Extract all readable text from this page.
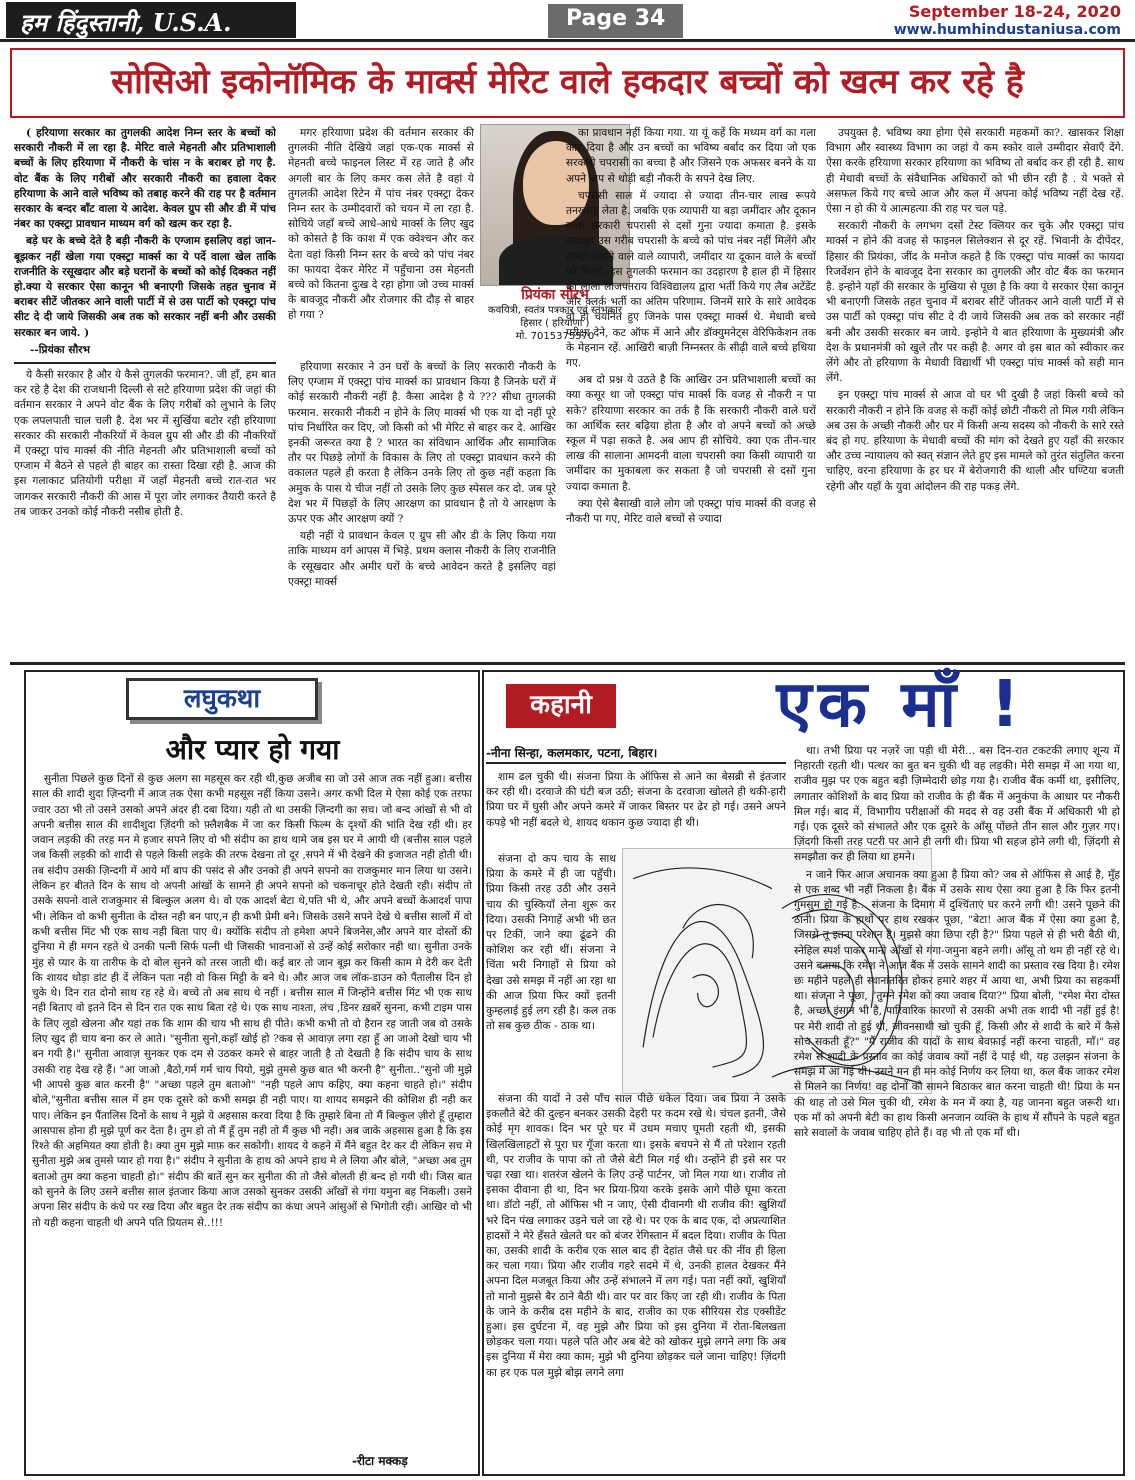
हम हिंदुस्तानी, U.S.A.	Page 34	September 18-24, 2020
www.humhindustaniusa.com
सोसिओ इकोनॉमिक के मार्क्स मेरिट वाले हकदार बच्चों को खत्म कर रहे है

( हरियाणा सरकार का तुगलकी आदेश निम्न स्तर के बच्चों को सरकारी नौकरी में ला रहा है. मेरिट वाले मेहनती और प्रतिभाशाली बच्चों के लिए हरियाणा में नौकरी के चांस न के बराबर हो गए है. वोट बैंक के लिए गरीबों और सरकारी नौकरी का हवाला देकर हरियाणा के आने वाले भविष्य को तबाह करने की राह पर है वर्तमान सरकार के बन्दर बाँट वाला ये आदेश. केवल ग्रुप सी और डी में पांच नंबर का एक्स्ट्रा प्रावधान माध्यम वर्ग को खत्म कर रहा है.

बड़े घर के बच्चे देते है बड़ी नौकरी के एग्जाम इसलिए वहां जान-बूझकर नहीं खेला गया एक्स्ट्रा मार्क्स का ये पर्दे वाला खेल ताकि राजनीति के रसूखदार और बड़े घरानों के बच्चों को कोई दिक्कत नहीं हो.क्या ये सरकार ऐसा कानून भी बनाएगी जिसके तहत चुनाव में बराबर सीटें जीतकर आने वाली पार्टी में से उस पार्टी को एक्स्ट्रा पांच सीट दे दी जाये जिसकी अब तक को सरकार नहीं बनी और उसकी सरकार बन जाये. )

--प्रियंका सौरभ

ये कैसी सरकार है और ये कैसे तुगलकी फरमान?. जी हाँ, हम बात कर रहे है देश की राजधानी दिल्ली से सटे हरियाणा प्रदेश की जहां की वर्तमान सरकार ने अपने वोट बैंक के लिए गरीबों को लुभाने के लिए एक लपलपाती चाल चली है. देश भर में सुर्खिया बटोर रही हरियाणा सरकार की सरकारी नौकरियों में केवल ग्रुप सी और डी की नौकरियों में एक्स्ट्रा पांच मार्क्स की नीति मेहनती और प्रतिभाशाली बच्चों को एग्जाम में बैठने से पहले ही बाहर का रास्ता दिखा रही है. आज की इस गलाकाट प्रतियोगी परीक्षा में जहाँ मेहनती बच्चे रात-रात भर जागकर सरकारी नौकरी की आस में पूरा जोर लगाकर तैयारी करते है तब जाकर उनको कोई नौकरी नसीब होती है.

मगर हरियाणा प्रदेश की वर्तमान सरकार की तुगलकी नीति देखिये जहां एक-एक मार्क्स से मेहनती बच्चे फाइनल लिस्ट में रह जाते है और अगली बार के लिए कमर कस लेते है वहां ये तुगलकी आदेश रिटेन में पांच नंबर एक्स्ट्रा देकर निम्न स्तर के उम्मीदवारों को चयन में ला रहा है. सोचिये जहाँ बच्चे आधे-आधे मार्क्स के लिए खुद को कोसते है कि काश में एक क्वेश्चन और कर देता वहां किसी निम्न स्तर के बच्चे को पांच नंबर का फायदा देकर मेरिट में पहुँचाना उस मेहनती बच्चे को कितना दुःख दे रहा होगा जो उच्च मार्क्स के बावजूद नौकरी और रोजगार की दौड़ से बाहर हो गया ?

हरियाणा सरकार ने उन घरों के बच्चों के लिए सरकारी नौकरी के लिए एग्जाम में एक्स्ट्रा पांच मार्क्स का प्रावधान किया है जिनके घरों में कोई सरकारी नौकरी नहीं है. कैसा आदेश है ये ??? सीधा तुगलकी फरमान. सरकारी नौकरी न होने के लिए मार्क्स भी एक या दो नहीं पूरे पांच निर्धारित कर दिए, जो किसी को भी मेरिट से बाहर कर दे. आखिर इनकी जरूरत क्या है ? भारत का संविधान आर्थिक और सामाजिक तौर पर पिछड़े लोगों के विकास के लिए तो एक्स्ट्रा प्रावधान करने की वकालत पहले ही करता है लेकिन उनके लिए तो कुछ नहीं कहता कि अमुक के पास ये चीज नहीं तो उसके लिए कुछ स्पेसल कर दो. जब पूरे देश भर में पिछड़ों के लिए आरक्षण का प्रावधान है तो ये आरक्षण के ऊपर एक और आरक्षण क्यों ?

यही नहीं ये प्रावधान केवल ए ग्रुप सी और डी के लिए किया गया ताकि माध्यम वर्ग आपस में भिड़े. प्रथम क्लास नौकरी के लिए राजनीति के रसूखदार और अमीर घरों के बच्चे आवेदन करते है इसलिए वहां एक्स्ट्रा मार्क्स

प्रियंका सौरभ
कवयित्री, स्वतंत्र पत्रकार एवं स्तंभकार
हिसार ( हरियाणा )
मो. 7015375570

का प्रावधान नहीं किया गया. या यूं कहें कि मध्यम वर्ग का गला काट दिया है और उन बच्चों का भविष्य बर्बाद कर दिया जो एक सरकारी चपरासी का बच्चा है और जिसने एक अफसर बनने के या अपने बाप से थोड़ी बड़ी नौकरी के सपने देख लिए.

चपरासी साल में ज्यादा से ज्यादा तीन-चार लाख रूपये तनख्वाह लेता है. जबकि एक व्यापारी या बड़ा जमींदार और दूकान वाला सरकारी चपरासी से दसों गुना ज्यादा कमाता है. इसके बावजूद उस गरीब चपरासी के बच्चे को पांच नंबर नहीं मिलेंगे और लाखों कमाने वाले वाले व्यापारी, जमींदार या दूकान वाले के बच्चों को मिलेंगे. इस तुगलकी फरमान का उदहारण है हाल ही में हिसार की लाला लाजपतराय विश्विद्यालय द्वारा भर्ती किये गए लैब अटेंडेंट और क्लर्क भर्ती का अंतिम परिणाम. जिनमें सारे के सारे आवेदक वो ही चयनित हुए जिनके पास एक्स्ट्रा मार्क्स थे. मेधावी बच्चे परीक्षा देने, कट ऑफ में आने और डॉक्युमनेट्स वेरिफिकेशन तक के मेहनान रहें. आखिरी बाज़ी निम्नस्तर के सीढ़ी वाले बच्चे हथिया गए.

अब दो प्रश्न ये उठते है कि आखिर उन प्रतिभाशाली बच्चों का क्या कसूर था जो एक्स्ट्रा पांच मार्क्स कि वजह से नौकरी न पा सके? हरियाणा सरकार का तर्क है कि सरकारी नौकरी वाले घरों का आर्थिक स्तर बढ़िया होता है और वो अपने बच्चों को अच्छे स्कूल में पढ़ा सकते है. अब आप ही सोचिये. क्या एक तीन-चार लाख की सालाना आमदनी वाला चपरासी क्या किसी व्यापारी या जमींदार का मुकाबला कर सकता है जो चपरासी से दसों गुना ज्यादा कमाता है.

क्या ऐसे बैसाखी वाले लोग जो एक्स्ट्रा पांच मार्क्स की वजह से नौकरी पा गए, मेरिट वाले बच्चों से ज्यादा

उपयुक्त है. भविष्य क्या होगा ऐसे सरकारी महकमों का?. खासकर शिक्षा विभाग और स्वास्थ्य विभाग का जहां ये कम स्कोर वाले उम्मीदार सेवाएँ देंगे. ऐसा करके हरियाणा सरकार हरियाणा का भविष्य तो बर्बाद कर ही रही है. साथ ही मेधावी बच्चों के संवैधानिक अधिकारों को भी छीन रही है . ये भक्ते से असफल किये गए बच्चे आज और कल में अपना कोई भविष्य नहीं देख रहें. ऐसा न हो की ये आत्महत्या की राह पर चल पड़े.

सरकारी नौकरी के लगभग दसों टेस्ट क्लियर कर चुके और एक्स्ट्रा पांच मार्क्स न होने की वजह से फाइनल सिलेक्शन से दूर रहें. भिवानी के दीपेंदर, हिसार की प्रियंका, जींद के मनोज कहते है कि एक्स्ट्रा पांच मार्क्स का फायदा रिजर्वेशन होने के बावजूद देना सरकार का तुगलकी और वोट बैंक का फरमान है. इन्होने यहाँ की सरकार के मुखिया से पूछा है कि क्या ये सरकार ऐसा कानून भी बनाएगी जिसके तहत चुनाव में बराबर सीटें जीतकर आने वाली पार्टी में से उस पार्टी को एक्स्ट्रा पांच सीट दे दी जाये जिसकी अब तक को सरकार नहीं बनी और उसकी सरकार बन जाये. इन्होने ये बात हरियाणा के मुख्यमंत्री और देश के प्रधानमंत्री को खुले तौर पर कही है. अगर वो इस बात को स्वीकार कर लेंगे और तो हरियाणा के मेधावी विद्यार्थी भी एक्स्ट्रा पांच मार्क्स को सही मान लेंगे.

इन एक्स्ट्रा पांच मार्क्स से आज वो घर भी दुखी है जहां किसी बच्चे को सरकारी नौकरी न होने कि वजह से कहीं कोई छोटी नौकरी तो मिल गयी लेकिन अब उस के अच्छी नौकरी और घर में किसी अन्य सदस्य को नौकरी के सारे रस्ते बंद हो गए. हरियाणा के मेधावी बच्चों की मांग को देखते हुए यहाँ की सरकार और उच्च न्यायालय को स्वत् संज्ञान लेते हुए इस मामले को तुरंत संतुलित करना चाहिए, वरना हरियाणा के हर घर में बेरोजगारी की थाली और घण्टिया बजती रहेगी और यहाँ के युवा आंदोलन की राह पकड़ लेंगे.

लघुकथा
और प्यार हो गया

सुनीता पिछले कुछ दिनों से कुछ अलग सा महसूस कर रही थी,कुछ अजीब सा जो उसे आज तक नहीं हुआ। बत्तीस साल की शादी शुदा ज़िन्दगी में आज तक ऐसा कभी महसूस नहीं किया उसने। अगर कभी दिल मे ऐसा कोई एक तरफा ज्वार उठा भी तो उसने उसको अपने अंदर ही दबा दिया। यही तो था उसकी ज़िन्दगी का सच। जो बन्द आंखों से भी वो अपनी बत्तीस साल की शादीशुदा ज़िंदगी को फ़्लैशबैक में जा कर किसी फिल्म के दृश्यों की भांति देख रही थी। हर जवान लड़की की तरह मन मे हजार सपने लिए वो भी संदीप का हाथ थामे जब इस घर मे आयी थी (बत्तीस साल पहले जब किसी लड़की को शादी से पहले किसी लड़के की तरफ देखना तो दूर ,सपने में भी देखने की इजाजत नही होती थी। तब संदीप उसकी ज़िन्दगी में आये माँ बाप की पसंद से और उनको ही अपने सपनो का राजकुमार मान लिया था उसने। लेकिन हर बीतते दिन के साथ वो अपनी आंखों के सामने ही अपने सपनो को चकनाचूर होते देखती रही। संदीप तो उसके सपनो वाले राजकुमार से बिल्कुल अलग थे। वो एक आदर्श बेटा थे,पति भी थे, और अपने बच्चों केआदर्श पापा भी। लेकिन वो कभी सुनीता के दोस्त नही बन पाए,न ही कभी प्रेमी बने। जिसके उसने सपने देखे थे बत्तीस सालों में वो कभी बत्तीस मिंट भी एक साथ नही बिता पाए थे। क्योंकि संदीप तो हमेशा अपने बिजनेस,और अपने यार दोस्तों की दुनिया मे ही मगन रहते थे उनकी पत्नी सिर्फ पत्नी थी जिसकी भावनाओं से उन्हें कोई सरोकार नही था। सुनीता उनके मुंह से प्यार के या तारीफ के दो बोल सुनने को तरस जाती थी। कई बार तो जान बूझ कर किसी काम मे देरी कर देती कि शायद थोड़ा डांट ही दें लेकिन पता नही वो किस मिट्टी के बने थे। और आज जब लॉक-डाउन को पैंतालीस दिन हो चुके थे। दिन रात दोनो साथ रह रहे थे। बच्चे तो अब साथ थे नहीं । बत्तीस साल में जिन्होंने बत्तीस मिंट भी एक साथ नही बिताए वो इतने दिन से दिन रात एक साथ बिता रहे थे। एक साथ नाश्ता, लंच ,डिनर ख़बरें सुनना, कभी टाइम पास के लिए लूडो खेलना और यहां तक कि शाम की चाय भी साथ ही पीते। कभी कभी तो वो हैरान रह जाती जब वो उसके लिए खुद ही चाय बना कर ले आते। "सुनीता सुनो,कहाँ खोई हो ?कब से आवाज़ लगा रहा हूँ आ जाओ देखो चाय भी बन गयी है।" सुनीता आवाज़ सुनकर एक दम से उठकर कमरे से बाहर जाती है तो देखती है कि संदीप चाय के साथ उसकी राह देख रहे हैं। "आ जाओ ,बैठो,गर्म गर्म चाय पियो, मुझे तुमसे कुछ बात भी करनी है" सुनीता.."सुनो जी मुझे भी आपसे कुछ बात करनी है" "अच्छा पहले तुम बताओ" "नही पहले आप कहिए, क्या कहना चाहते हो।" संदीप बोले,"सुनीता बत्तीस साल में हम एक दूसरे को कभी समझ ही नही पाए। या शायद समझने की कोशिश ही नही कर पाए। लेकिन इन पैंतालिस दिनों के साथ ने मुझे ये अहसास करवा दिया है कि तुम्हारे बिना तो मैं बिल्कुल ज़ीरो हूँ तुम्हारा आसपास होना ही मुझे पूर्ण कर देता है। तुम हो तो मैं हूँ तुम नही तो मैं कुछ भी नही। अब जाके अहसास हुआ है कि इस रिश्ते की अहमियत क्या होती है। क्या तुम मुझे माफ़ कर सकोगी। शायद ये कहने में मैंने बहुत देर कर दी लेकिन सच मे सुनीता मुझे अब तुमसे प्यार हो गया है।" संदीप ने सुनीता के हाथ को अपने हाथ मे ले लिया और बोले, "अच्छा अब तुम बताओ तुम क्या कहना चाहती हो।" संदीप की बातें सुन कर सुनीता की तो जैसे बोलती ही बन्द हो गयी थी। जिस बात को सुनने के लिए उसने बत्तीस साल इंतजार किया आज उसको सुनकर उसकी आँखों से गंगा यमुना बह निकली। उसने अपना सिर संदीप के कंधे पर रख दिया और बहुत देर तक संदीप का कंधा अपने आंसुओं से भिगोती रही। आखिर वो भी तो यही कहना चाहती थी अपने पति प्रियतम से..!!!

-रीटा मक्कड़
कहानी	एक माँ !
-नीना सिन्हा, कलमकार, पटना, बिहार।

शाम ढल चुकी थी। संजना प्रिया के ऑफिस से आने का बेसब्री से इंतजार कर रही थी। दरवाजे की घंटी बज उठी; संजना के दरवाजा खोलते ही थकी-हारी प्रिया घर में घुसी और अपने कमरे में जाकर बिस्तर पर ढेर हो गई। उसने अपने कपड़े भी नहीं बदले थे, शायद थकान कुछ ज्यादा ही थी।

संजना दो कप चाय के साथ प्रिया के कमरे में ही जा पहुँची। प्रिया किसी तरह उठी और उसने चाय की चुस्कियाँ लेना शुरू कर दिया। उसकी निगाहें अभी भी छत पर टिकीं, जाने क्या ढूंढने की कोशिश कर रही थीं। संजना ने चिंता भरी निगाहों से प्रिया को देखा उसे समझ में नहीं आ रहा था की आज प्रिया फिर क्यों इतनी कुम्हलाई हुई लग रही है। कल तक तो सब कुछ ठीक - ठाक था।

संजना की यादों ने उसे पाँच साल पीछे धकेल दिया। जब प्रिया ने उसके इकलौते बेटे की दुल्हन बनकर उसकी देहरी पर कदम रखे थे। चंचल इतनी, जैसे कोई मृग शावक। दिन भर पूरे घर में उधम मचाए घूमती रहती थी, इसकी खिलखिलाहटों से पूरा घर गूँजा करता था। इसके बचपने से मैं तो परेशान रहती थी, पर राजीव के पापा को तो जैसे बेटी मिल गई थी। उन्होंने ही इसे सर पर चढ़ा रखा था। शतरंज खेलने के लिए उन्हें पार्टनर, जो मिल गया था। राजीव तो इसका दीवाना ही था, दिन भर प्रिया-प्रिया करके इसके आगे पीछे घूमा करता था। डॉटो नहीं, तो ऑफिस भी न जाए, ऐसी दीवानगी थी राजीव की! खुशियाँ भरे दिन पंख लगाकर उड़ने चले जा रहे थे। पर एक के बाद एक, दो अप्रत्याशित हादसों ने मेरे हँसते खेलते घर को बंजर रेगिस्तान में बदल दिया। राजीव के पिता का, उसकी शादी के करीब एक साल बाद ही देहांत जैसे घर की नींव ही हिला कर चला गया। प्रिया और राजीव गहरे सदमे में थे, उनकी हालत देखकर मैंने अपना दिल मजबूत किया और उन्हें संभालने में लग गई। पता नहीं क्यों, खुशियाँ तो मानो मुझसे बैर ठाने बैठी थी। वार पर वार किए जा रही थी। राजीव के पिता के जाने के करीब दस महीने के बाद, राजीव का एक सीरियस रोड एक्सीडेंट हुआ। इस दुर्घटना में, वह मुझे और प्रिया को इस दुनिया में रोता-बिलखता छोड़कर चला गया। पहले पति और अब बेटे को खोकर मुझे लगने लगा कि अब इस दुनिया में मेरा क्या काम; मुझे भी दुनिया छोड़कर चले जाना चाहिए! ज़िंदगी का हर एक पल मुझे बोझ लगने लगा

था। तभी प्रिया पर नज़रें जा पड़ी थी मेरी... बस दिन-रात टकटकी लगाए शून्य में निहारती रहती थी। पत्थर का बुत बन चुकी थी वह लड़की। मेरी समझ में आ गया था, राजीव मुझ पर एक बहुत बड़ी ज़िम्मेदारी छोड़ गया है। राजीव बैंक कर्मी था, इसीलिए, लगातार कोशिशों के बाद प्रिया को राजीव के ही बैंक में अनुकंपा के आधार पर नौकरी मिल गई। बाद में, विभागीय परीक्षाओं की मदद से वह उसी बैंक में अधिकारी भी हो गई। एक दूसरे को संभालते और एक दूसरे के आँसू पोंछते तीन साल और गुज़र गए। ज़िंदगी किसी तरह पटरी पर आने ही लगी थी। प्रिया भी सहज होने लगी थी, ज़िंदगी से समझौता कर ही लिया था हमने।

न जाने फिर आज अचानक क्या हुआ है प्रिया को? जब से ऑफिस से आई है, मुँह से एक शब्द भी नहीं निकला है। बैंक में उसके साथ ऐसा क्या हुआ है कि फिर इतनी गुमसुम हो गई है... संजना के दिमाग में दुश्चिंताएं घर करने लगी थी! उसने पूछने की ठानी। प्रिया के हाथों पर हाथ रखकर पूछा, "बेटा! आज बैंक में ऐसा क्या हुआ है, जिससे तू इतना परेशान है। मुझसे क्या छिपा रही है?" प्रिया पहले से ही भरी बैठी थी, स्नेहिल स्पर्श पाकर मानो आँखों से गंगा-जमुना बहने लगी। आँसू तो थम ही नहीं रहे थे। उसने बताया कि रमेश ने आज बैंक में उसके सामने शादी का प्रस्ताव रख दिया है। रमेश छः महीने पहले ही स्थानांतरित होकर हमारे शहर में आया था, अभी प्रिया का सहकर्मी था। संजना ने पूछा, "तुमने रमेश को क्या जवाब दिया?" प्रिया बोली, "रमेश मेरा दोस्त है, अच्छा इंसान भी है, पारिवारिक कारणों से उसकी अभी तक शादी भी नहीं हुई है! पर मेरी शादी तो हुई थी, जीवनसाथी खो चुकी हूँ, किसी और से शादी के बारे में कैसे सोच सकती हूँ?" "मैं राजीव की यादों के साथ बेवफ़ाई नहीं करना चाहती, माँ।" वह रमेश से शादी के प्रस्ताव का कोई जवाब क्यों नहीं दे पाई थी, यह उलझन संजना के समझ में आ गई थी। उसने मन ही मन कोई निर्णय कर लिया था, कल बैंक जाकर रमेश से मिलने का निर्णय! वह दोनों को सामने बिठाकर बात करना चाहती थी! प्रिया के मन की थाह तो उसे मिल चुकी थी, रमेश के मन में क्या है, यह जानना बहुत जरूरी था। एक माँ को अपनी बेटी का हाथ किसी अनजान व्यक्ति के हाथ में सौंपने के पहले बहुत सारे सवालों के जवाब चाहिए होते हैं। वह भी तो एक माँ थी।
